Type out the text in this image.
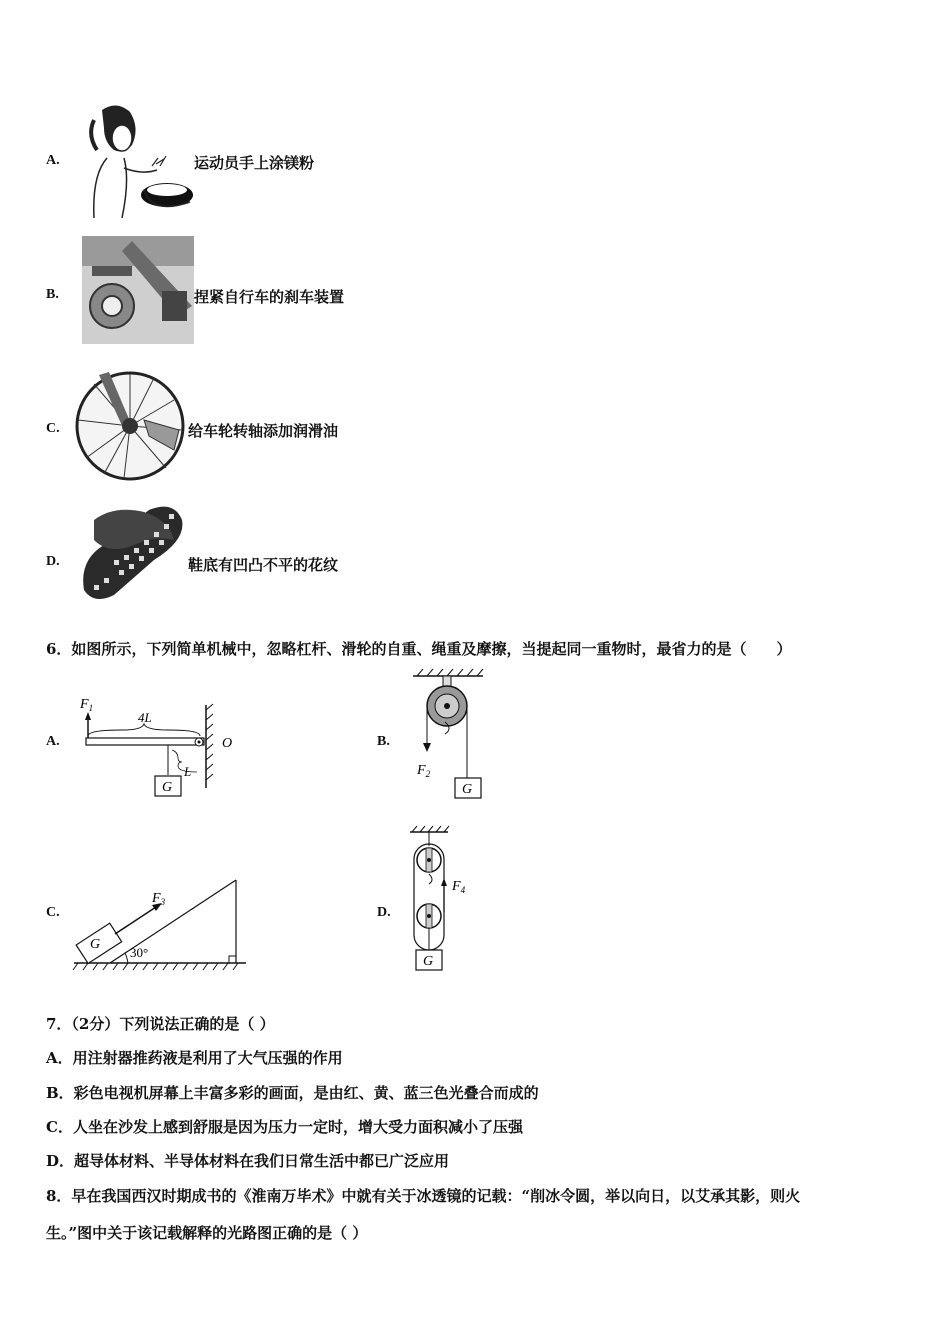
A.	运动员手上涂镁粉
B.	捏紧自行车的刹车装置
C.	给车轮转轴添加润滑油
D.	鞋底有凹凸不平的花纹
6．如图所示，下列简单机械中，忽略杠杆、滑轮的自重、绳重及摩擦，当提起同一重物时，最省力的是（　　）
A.
$F_1$
4L
O
L
G
B.
$F_2$
G
C.
30°
G
$F_3$
D.
$F_4$
G
7．（2分）下列说法正确的是（ ）
A．用注射器推药液是利用了大气压强的作用
B．彩色电视机屏幕上丰富多彩的画面，是由红、黄、蓝三色光叠合而成的
C．人坐在沙发上感到舒服是因为压力一定时，增大受力面积减小了压强
D．超导体材料、半导体材料在我们日常生活中都已广泛应用
8．早在我国西汉时期成书的《淮南万毕术》中就有关于冰透镜的记载：“削冰令圆，举以向日，以艾承其影，则火
生。”图中关于该记载解释的光路图正确的是（ ）
